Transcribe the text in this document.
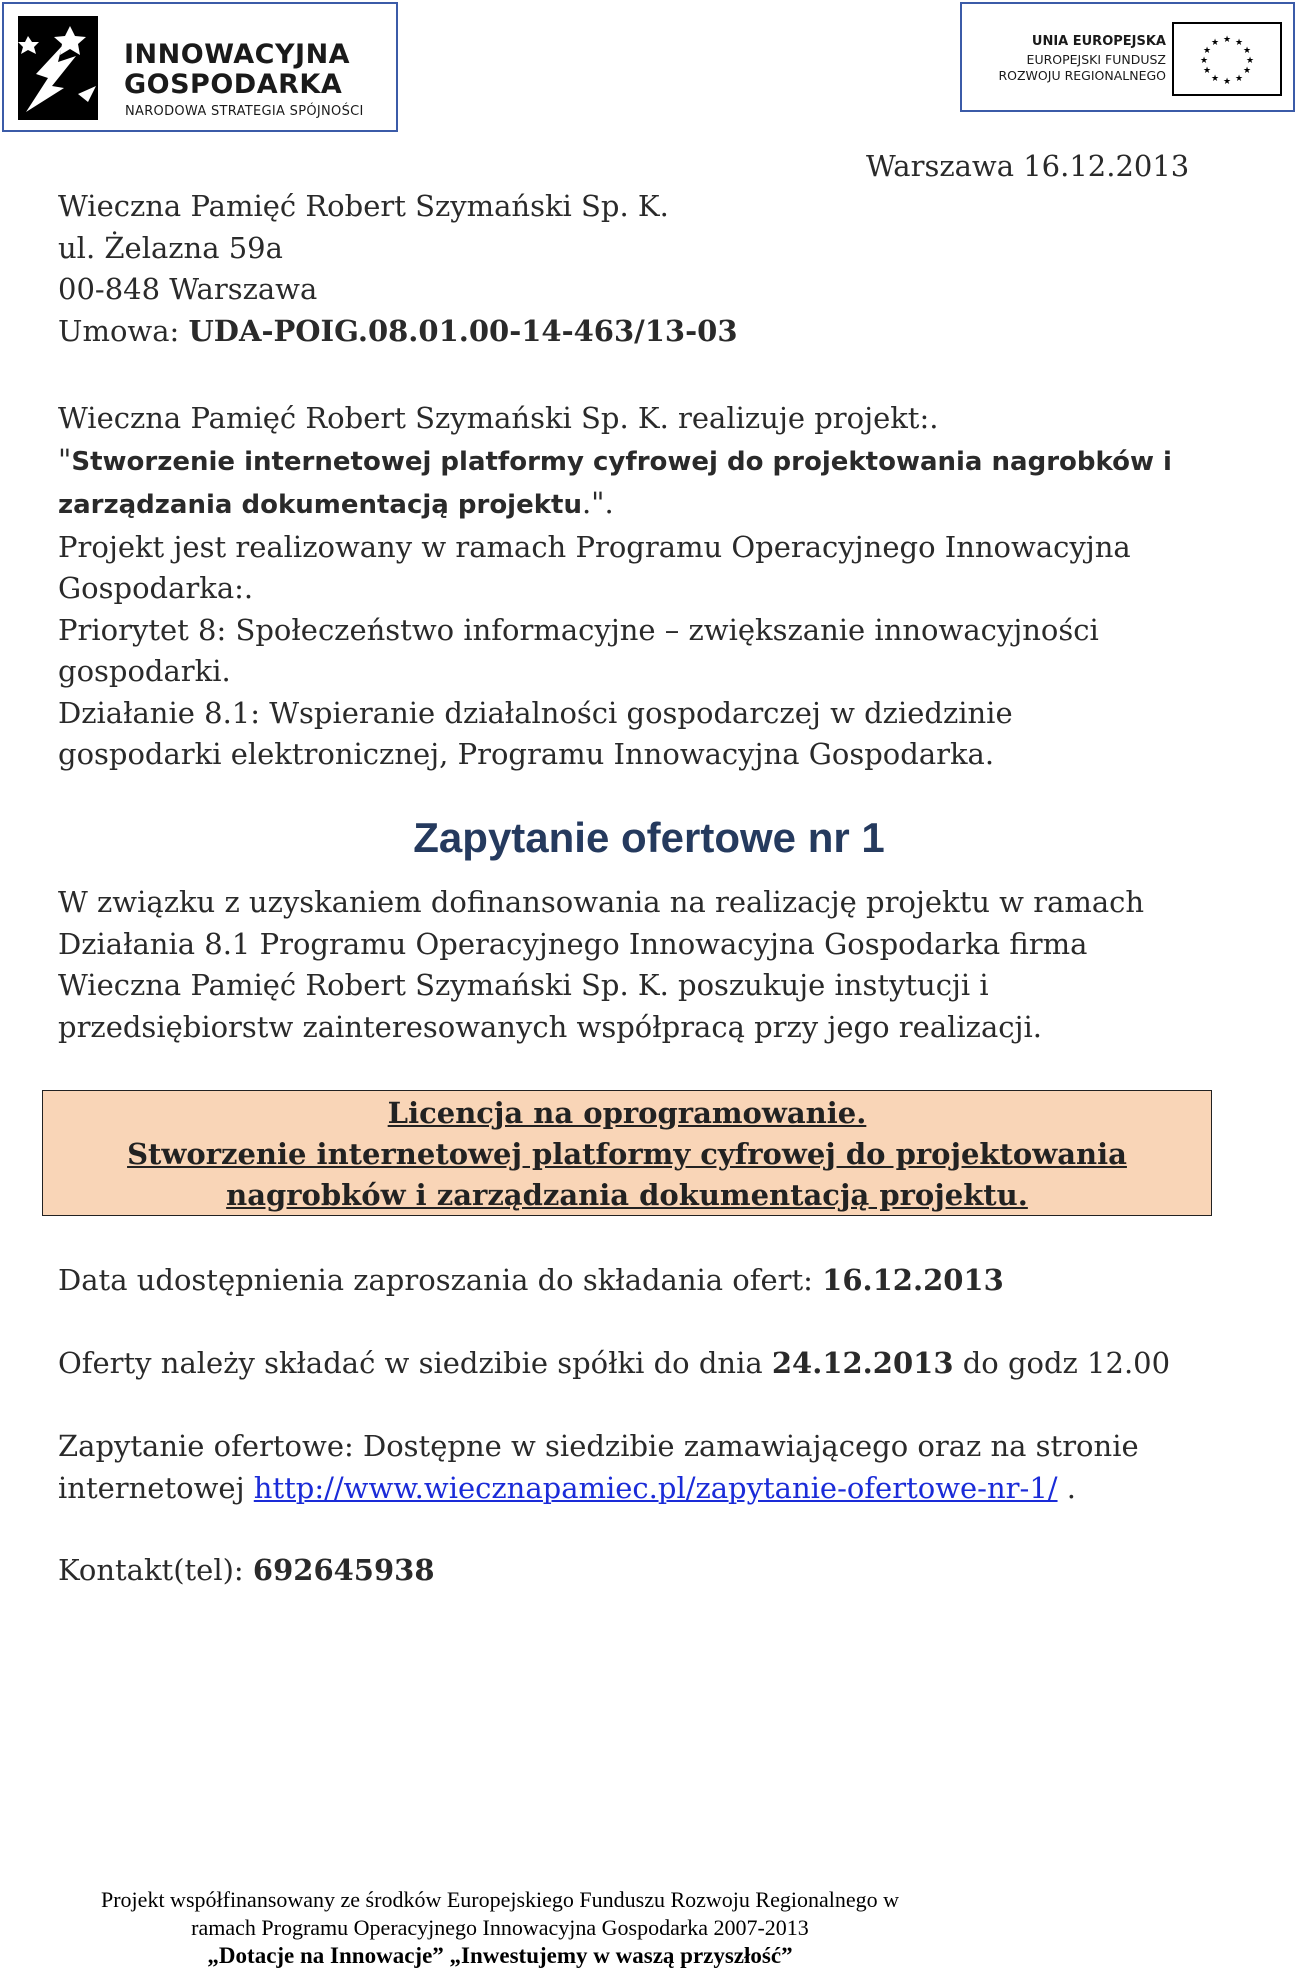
INNOWACYJNA
GOSPODARKA
NARODOWA STRATEGIA SPÓJNOŚCI
UNIA EUROPEJSKA
EUROPEJSKI FUNDUSZ
ROZWOJU REGIONALNEGO
★ ★
★
★
★
★
★
★
★
★
★
★
Warszawa 16.12.2013
Wieczna Pamięć Robert Szymański Sp. K.
ul. Żelazna 59a
00-848 Warszawa
Umowa: UDA-POIG.08.01.00-14-463/13-03
Wieczna Pamięć Robert Szymański Sp. K. realizuje projekt:.
"Stworzenie internetowej platformy cyfrowej do projektowania nagrobków i
zarządzania dokumentacją projektu.".
Projekt jest realizowany w ramach Programu Operacyjnego Innowacyjna
Gospodarka:.
Priorytet 8: Społeczeństwo informacyjne – zwiększanie innowacyjności
gospodarki.
Działanie 8.1: Wspieranie działalności gospodarczej w dziedzinie
gospodarki elektronicznej, Programu Innowacyjna Gospodarka.
Zapytanie ofertowe nr 1
W związku z uzyskaniem dofinansowania na realizację projektu w ramach
Działania 8.1 Programu Operacyjnego Innowacyjna Gospodarka firma
Wieczna Pamięć Robert Szymański Sp. K. poszukuje instytucji i
przedsiębiorstw zainteresowanych współpracą przy jego realizacji.
Licencja na oprogramowanie.
Stworzenie internetowej platformy cyfrowej do projektowania
nagrobków i zarządzania dokumentacją projektu.
Data udostępnienia zaproszania do składania ofert: 16.12.2013
Oferty należy składać w siedzibie spółki do dnia 24.12.2013 do godz 12.00
Zapytanie ofertowe: Dostępne w siedzibie zamawiającego oraz na stronie
internetowej http://www.wiecznapamiec.pl/zapytanie-ofertowe-nr-1/ .
Kontakt(tel): 692645938
Projekt współfinansowany ze środków Europejskiego Funduszu Rozwoju Regionalnego w
ramach Programu Operacyjnego Innowacyjna Gospodarka 2007-2013
„Dotacje na Innowacje” „Inwestujemy w waszą przyszłość”
